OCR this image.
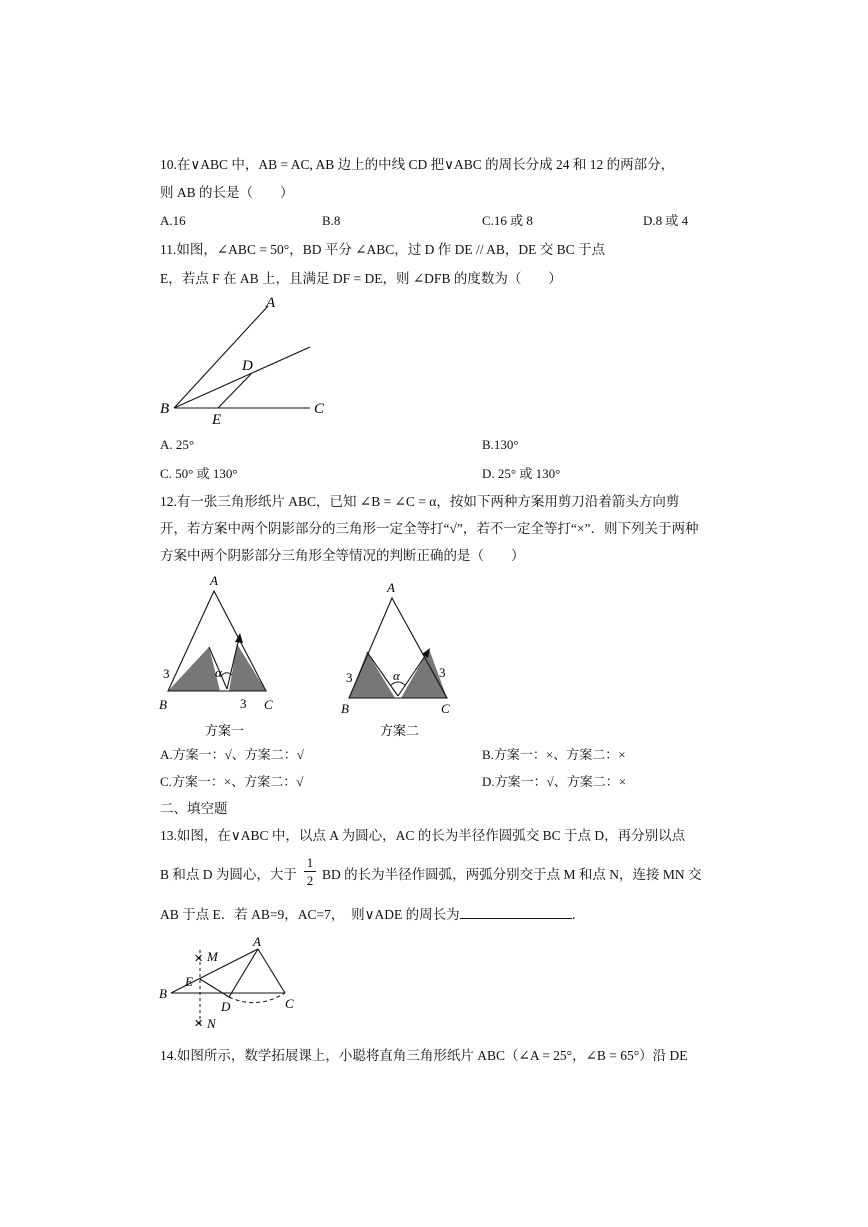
10.在∨ABC 中，AB = AC, AB 边上的中线 CD 把∨ABC 的周长分成 24 和 12 的两部分，
则 AB 的长是（　　）
A.16	B.8	C.16 或 8	D.8 或 4
11.如图，∠ABC = 50°，BD 平分 ∠ABC，过 D 作 DE // AB，DE 交 BC 于点
E，若点 F 在 AB 上，且满足 DF = DE，则 ∠DFB 的度数为（　　）
A
D
B
E
C
A. 25°	B.130°
C. 50° 或 130°	D. 25° 或 130°
12.有一张三角形纸片 ABC，已知 ∠B = ∠C = α，按如下两种方案用剪刀沿着箭头方向剪
开，若方案中两个阴影部分的三角形一定全等打“√”，若不一定全等打“×”．则下列关于两种
方案中两个阴影部分三角形全等情况的判断正确的是（　　）
A
α
3
3
B	C
方案一
A
α
3	3
B	C
方案二
A.方案一：√、方案二：√	B.方案一：×、方案二：×
C.方案一：×、方案二：√	D.方案一：√、方案二：×
二、填空题
13.如图，在∨ABC 中，以点 A 为圆心，AC 的长为半径作圆弧交 BC 于点 D，再分别以点
B 和点 D 为圆心，大于
1
2 BD 的长为半径作圆弧，两弧分别交于点 M 和点 N，连接 MN 交
AB 于点 E．若 AB=9，AC=7，　则∨ADE 的周长为	．
✕
✕
A
M
E
B
D	C
N
14.如图所示，数学拓展课上，小聪将直角三角形纸片 ABC（∠A = 25°，∠B = 65°）沿 DE
